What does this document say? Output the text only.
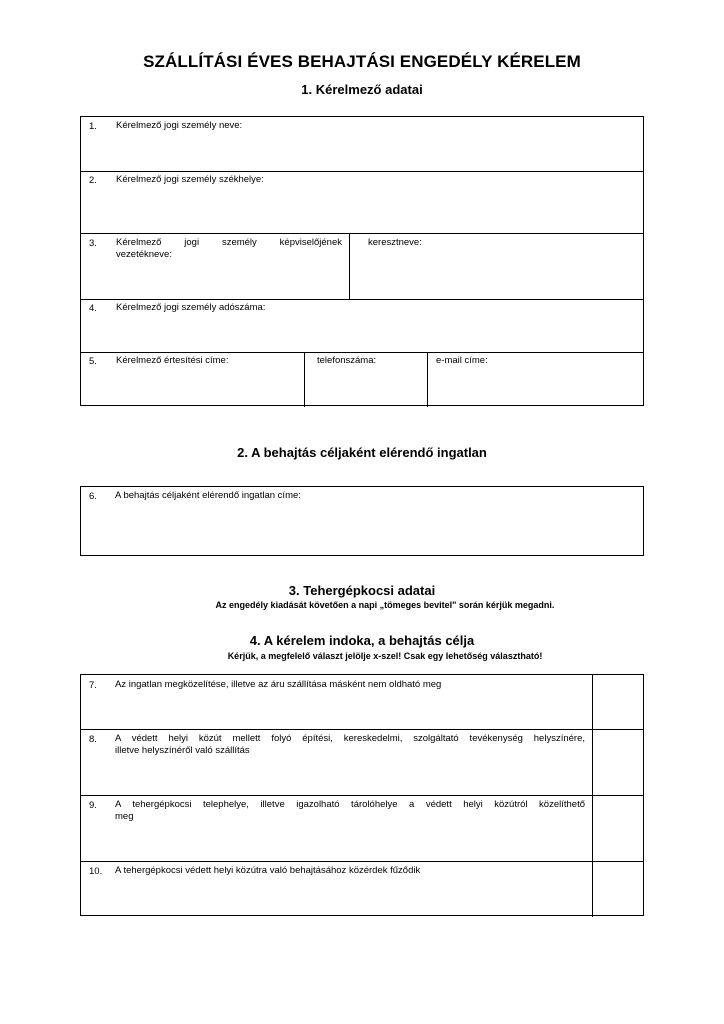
SZÁLLÍTÁSI ÉVES BEHAJTÁSI ENGEDÉLY KÉRELEM
1. Kérelmező adatai
1. Kérelmező jogi személy neve:
2. Kérelmező jogi személy székhelye:
3. Kérelmező jogi személy képviselőjének
vezetékneve:
keresztneve:
4. Kérelmező jogi személy adószáma:
5. Kérelmező értesítési címe:	telefonszáma:	e-mail címe:
2. A behajtás céljaként elérendő ingatlan
6. A behajtás céljaként elérendő ingatlan címe:
3. Tehergépkocsi adatai
Az engedély kiadását követően a napi „tömeges bevitel" során kérjük megadni.
4. A kérelem indoka, a behajtás célja
Kérjük, a megfelelő választ jelölje x-szel! Csak egy lehetőség választható!
7. Az ingatlan megközelítése, illetve az áru szállítása másként nem oldható meg
8. A védett helyi közút mellett folyó építési, kereskedelmi, szolgáltató tevékenység helyszínére,
illetve helyszínéről való szállítás
9. A tehergépkocsi telephelye, illetve igazolható tárolóhelye a védett helyi közútról közelíthető
meg
10. A tehergépkocsi védett helyi közútra való behajtásához közérdek fűződik
